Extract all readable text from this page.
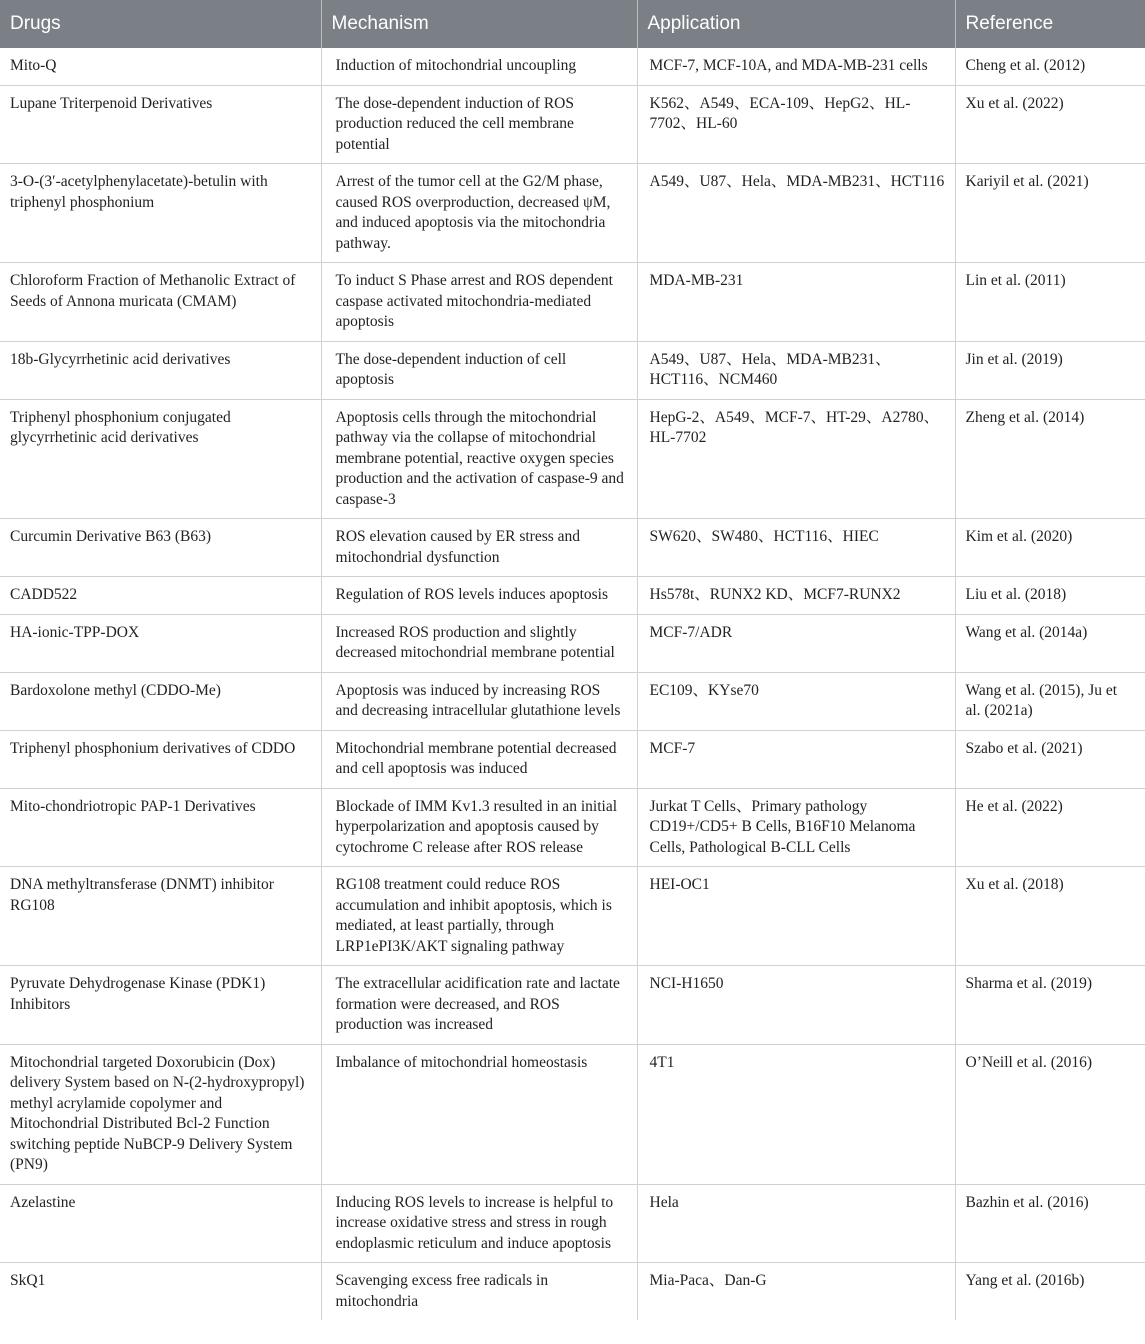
Drugs	Mechanism	Application	Reference
Mito-Q	Induction of mitochondrial uncoupling	MCF-7, MCF-10A, and MDA-MB-231 cells	Cheng et al. (2012)
Lupane Triterpenoid Derivatives	The dose-dependent induction of ROS production reduced the cell membrane potential	K562、A549、ECA-109、HepG2、HL-7702、HL-60	Xu et al. (2022)
3-O-(3′-acetylphenylacetate)-betulin with triphenyl phosphonium	Arrest of the tumor cell at the G2/M phase, caused ROS overproduction, decreased ψM, and induced apoptosis via the mitochondria pathway.	A549、U87、Hela、MDA-MB231、HCT116	Kariyil et al. (2021)
Chloroform Fraction of Methanolic Extract of Seeds of Annona muricata (CMAM)	To induct S Phase arrest and ROS dependent caspase activated mitochondria-mediated apoptosis	MDA-MB-231	Lin et al. (2011)
18b-Glycyrrhetinic acid derivatives	The dose-dependent induction of cell apoptosis	A549、U87、Hela、MDA-MB231、HCT116、NCM460	Jin et al. (2019)
Triphenyl phosphonium conjugated glycyrrhetinic acid derivatives	Apoptosis cells through the mitochondrial pathway via the collapse of mitochondrial membrane potential, reactive oxygen species production and the activation of caspase-9 and caspase-3	HepG-2、A549、MCF-7、HT-29、A2780、HL-7702	Zheng et al. (2014)
Curcumin Derivative B63 (B63)	ROS elevation caused by ER stress and mitochondrial dysfunction	SW620、SW480、HCT116、HIEC	Kim et al. (2020)
CADD522	Regulation of ROS levels induces apoptosis	Hs578t、RUNX2 KD、MCF7-RUNX2	Liu et al. (2018)
HA-ionic-TPP-DOX	Increased ROS production and slightly decreased mitochondrial membrane potential	MCF-7/ADR	Wang et al. (2014a)
Bardoxolone methyl (CDDO-Me)	Apoptosis was induced by increasing ROS and decreasing intracellular glutathione levels	EC109、KYse70	Wang et al. (2015), Ju et al. (2021a)
Triphenyl phosphonium derivatives of CDDO	Mitochondrial membrane potential decreased and cell apoptosis was induced	MCF-7	Szabo et al. (2021)
Mito-chondriotropic PAP-1 Derivatives	Blockade of IMM Kv1.3 resulted in an initial hyperpolarization and apoptosis caused by cytochrome C release after ROS release	Jurkat T Cells、Primary pathology CD19+/CD5+ B Cells, B16F10 Melanoma Cells, Pathological B-CLL Cells	He et al. (2022)
DNA methyltransferase (DNMT) inhibitor RG108	RG108 treatment could reduce ROS accumulation and inhibit apoptosis, which is mediated, at least partially, through LRP1ePI3K/AKT signaling pathway	HEI-OC1	Xu et al. (2018)
Pyruvate Dehydrogenase Kinase (PDK1) Inhibitors	The extracellular acidification rate and lactate formation were decreased, and ROS production was increased	NCI-H1650	Sharma et al. (2019)
Mitochondrial targeted Doxorubicin (Dox) delivery System based on N-(2-hydroxypropyl) methyl acrylamide copolymer and Mitochondrial Distributed Bcl-2 Function switching peptide NuBCP-9 Delivery System (PN9)	Imbalance of mitochondrial homeostasis	4T1	O’Neill et al. (2016)
Azelastine	Inducing ROS levels to increase is helpful to increase oxidative stress and stress in rough endoplasmic reticulum and induce apoptosis	Hela	Bazhin et al. (2016)
SkQ1	Scavenging excess free radicals in mitochondria	Mia-Paca、Dan-G	Yang et al. (2016b)
